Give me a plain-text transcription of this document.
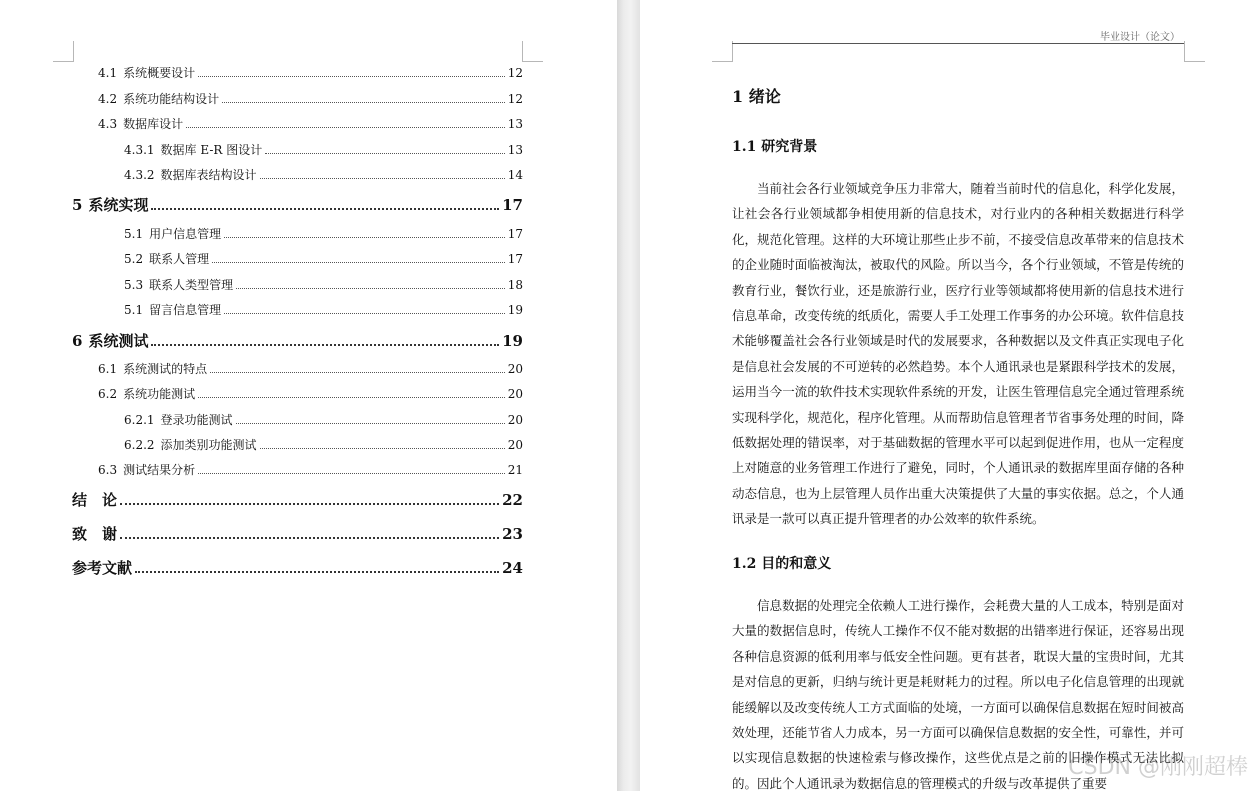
4.1 系统概要设计	12
4.2 系统功能结构设计	12
4.3 数据库设计	13
4.3.1 数据库 E-R 图设计	13
4.3.2 数据库表结构设计	14
5 系统实现	17
5.1 用户信息管理	17
5.2 联系人管理	17
5.3 联系人类型管理	18
5.1 留言信息管理	19
6 系统测试	19
6.1 系统测试的特点	20
6.2 系统功能测试	20
6.2.1 登录功能测试	20
6.2.2 添加类别功能测试	20
6.3 测试结果分析	21
结　论	22
致　谢	23
参考文献	24
毕业设计（论文）
1 绪论
1.1 研究背景

当前社会各行业领域竞争压力非常大，随着当前时代的信息化，科学化发展，让社会各行业领域都争相使用新的信息技术，对行业内的各种相关数据进行科学化，规范化管理。这样的大环境让那些止步不前，不接受信息改革带来的信息技术的企业随时面临被淘汰，被取代的风险。所以当今，各个行业领域，不管是传统的教育行业，餐饮行业，还是旅游行业，医疗行业等领域都将使用新的信息技术进行信息革命，改变传统的纸质化，需要人手工处理工作事务的办公环境。软件信息技术能够覆盖社会各行业领域是时代的发展要求，各种数据以及文件真正实现电子化是信息社会发展的不可逆转的必然趋势。本个人通讯录也是紧跟科学技术的发展，运用当今一流的软件技术实现软件系统的开发，让医生管理信息完全通过管理系统实现科学化，规范化，程序化管理。从而帮助信息管理者节省事务处理的时间，降低数据处理的错误率，对于基础数据的管理水平可以起到促进作用，也从一定程度上对随意的业务管理工作进行了避免，同时，个人通讯录的数据库里面存储的各种动态信息，也为上层管理人员作出重大决策提供了大量的事实依据。总之，个人通讯录是一款可以真正提升管理者的办公效率的软件系统。

1.2 目的和意义

信息数据的处理完全依赖人工进行操作，会耗费大量的人工成本，特别是面对大量的数据信息时，传统人工操作不仅不能对数据的出错率进行保证，还容易出现各种信息资源的低利用率与低安全性问题。更有甚者，耽误大量的宝贵时间，尤其是对信息的更新，归纳与统计更是耗财耗力的过程。所以电子化信息管理的出现就能缓解以及改变传统人工方式面临的处境，一方面可以确保信息数据在短时间被高效处理，还能节省人力成本，另一方面可以确保信息数据的安全性，可靠性，并可以实现信息数据的快速检索与修改操作，这些优点是之前的旧操作模式无法比拟的。因此个人通讯录为数据信息的管理模式的升级与改革提供了重要

CSDN @刚刚超棒
